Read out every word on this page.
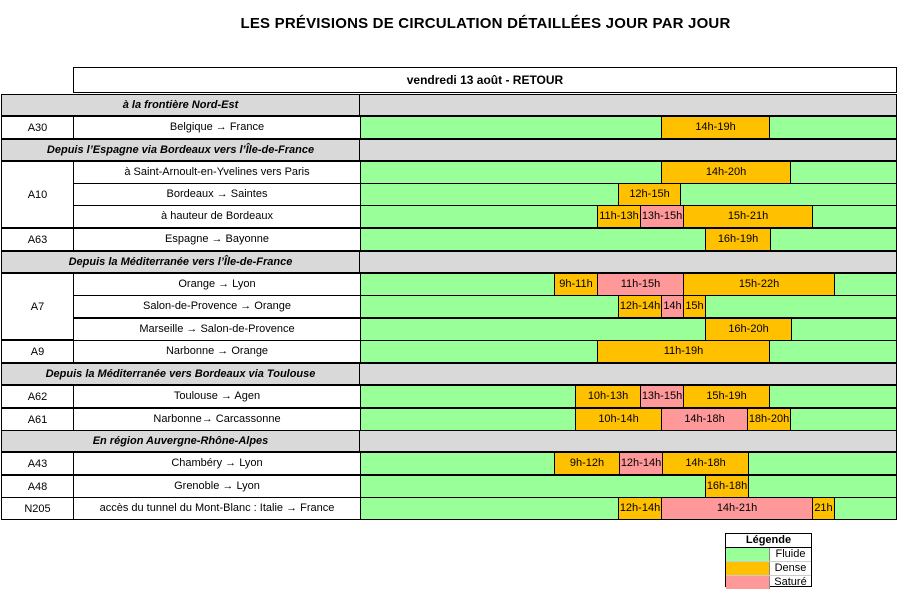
LES PRÉVISIONS DE CIRCULATION DÉTAILLÉES JOUR PAR JOUR
vendredi 13 août - RETOUR
à la frontière Nord-Est
A30	Belgique → France	14h-19h
Depuis l’Espagne via Bordeaux vers l’Île-de-France
A10
à Saint-Arnoult-en-Yvelines vers Paris	14h-20h
Bordeaux → Saintes	12h-15h
à hauteur de Bordeaux	11h-13h 13h-15h	15h-21h
A63	Espagne → Bayonne	16h-19h
Depuis la Méditerranée vers l’Île-de-France
A7
Orange → Lyon	9h-11h	11h-15h	15h-22h
Salon-de-Provence → Orange	12h-14h 14h 15h
Marseille → Salon-de-Provence	16h-20h
A9	Narbonne → Orange	11h-19h
Depuis la Méditerranée vers Bordeaux via Toulouse
A62	Toulouse → Agen	10h-13h	13h-15h	15h-19h
A61	Narbonne→ Carcassonne	10h-14h	14h-18h	18h-20h
En région Auvergne-Rhône-Alpes
A43	Chambéry → Lyon	9h-12h	12h-14h	14h-18h
A48	Grenoble → Lyon	16h-18h
N205	accès du tunnel du Mont-Blanc : Italie → France	12h-14h	14h-21h	21h
Légende
Fluide
Dense
Saturé
